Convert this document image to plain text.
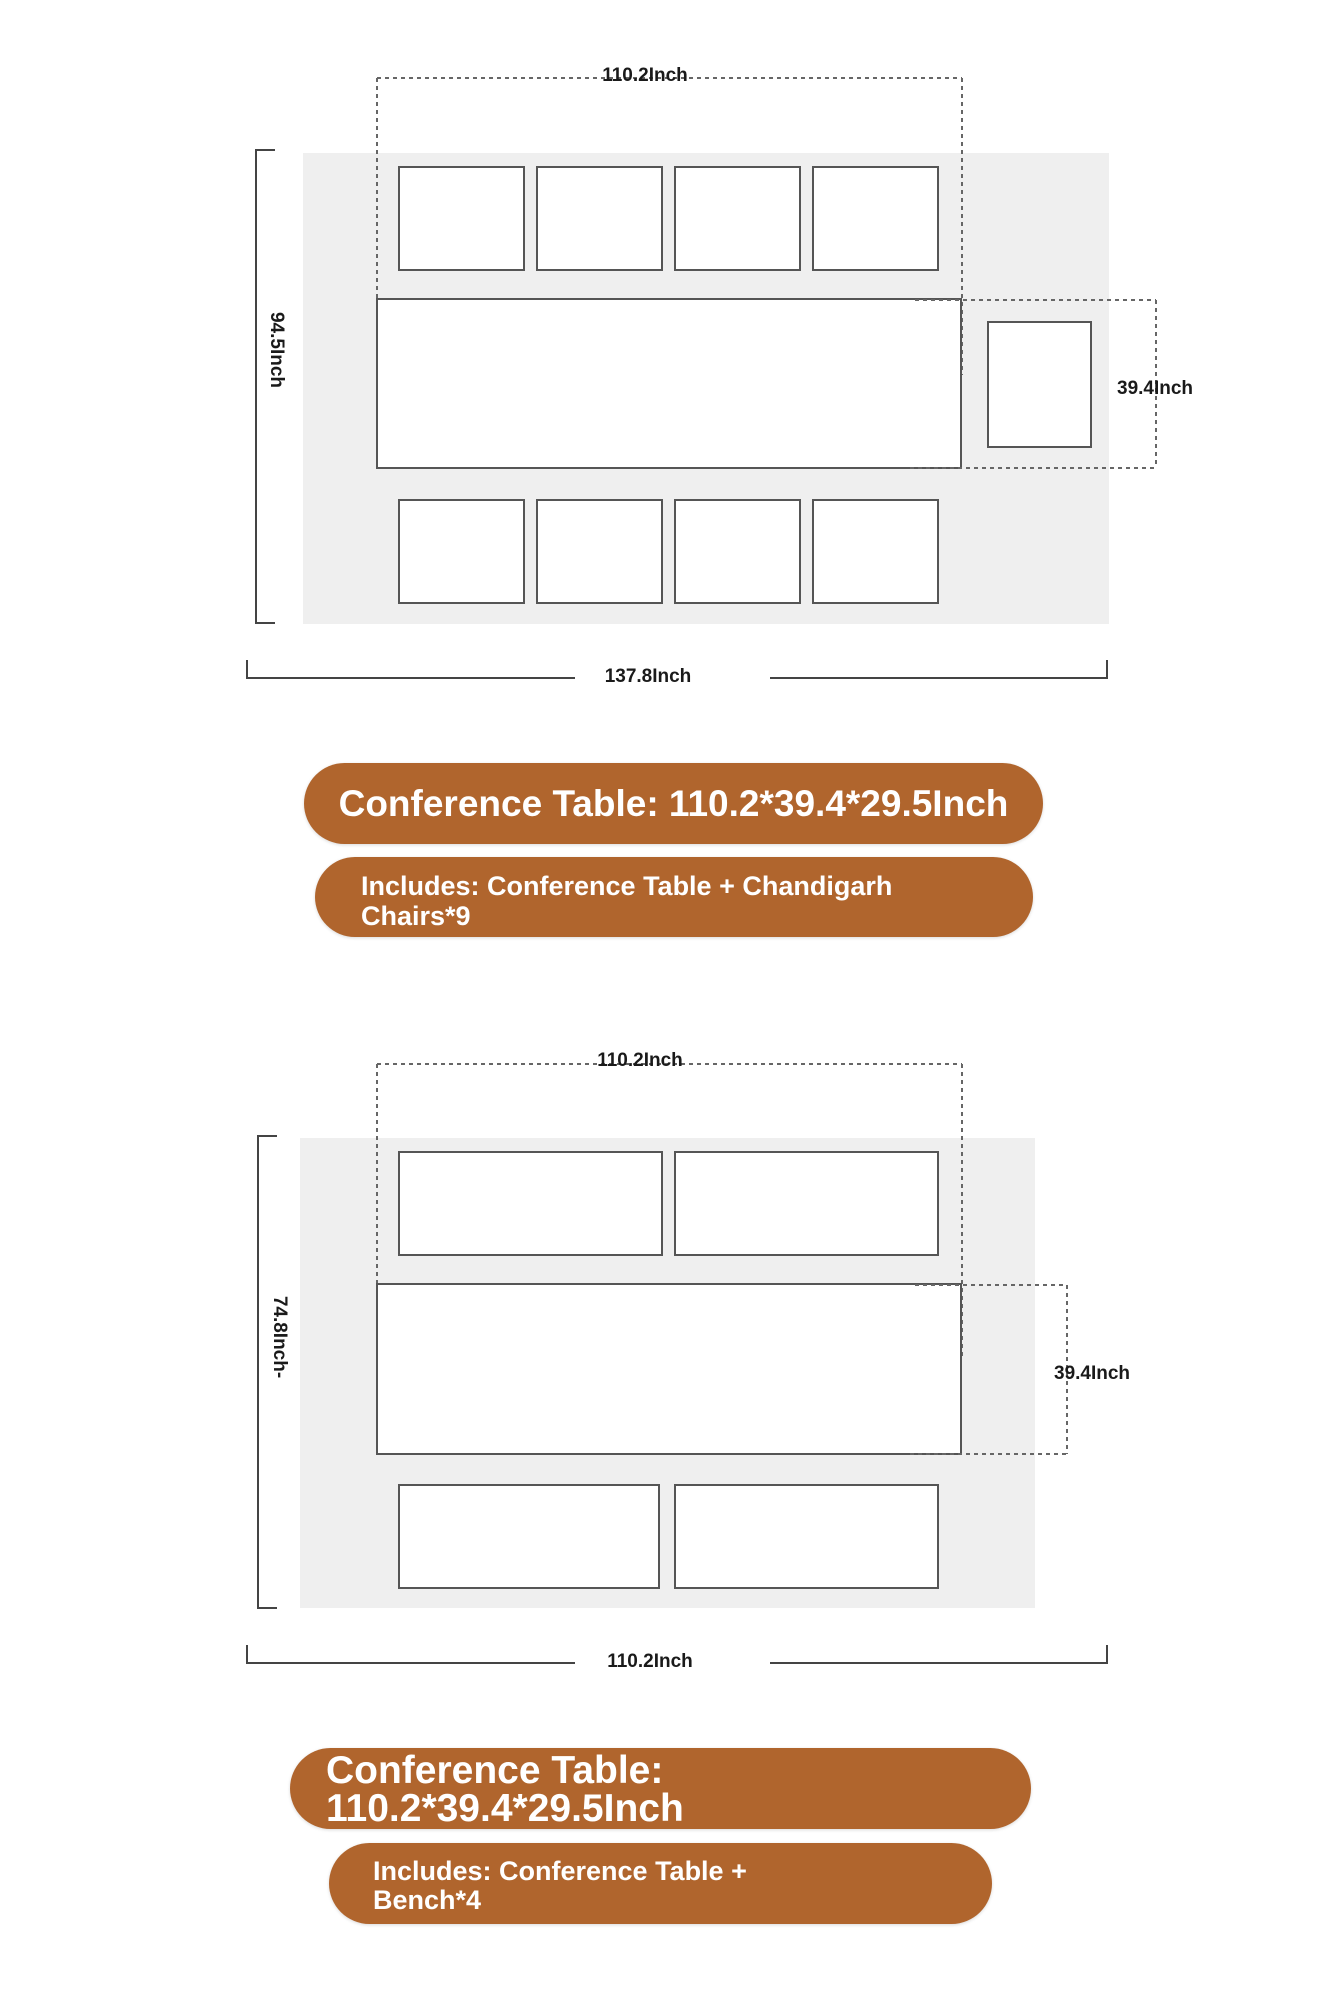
110.2Inch
39.4Inch
94.5Inch
137.8Inch
110.2Inch
39.4Inch
74.8Inch-
110.2Inch
Conference Table: 110.2*39.4*29.5Inch
Includes: Conference Table + Chandigarh Chairs*9
Conference Table:
110.2*39.4*29.5Inch
Includes: Conference Table +
Bench*4
